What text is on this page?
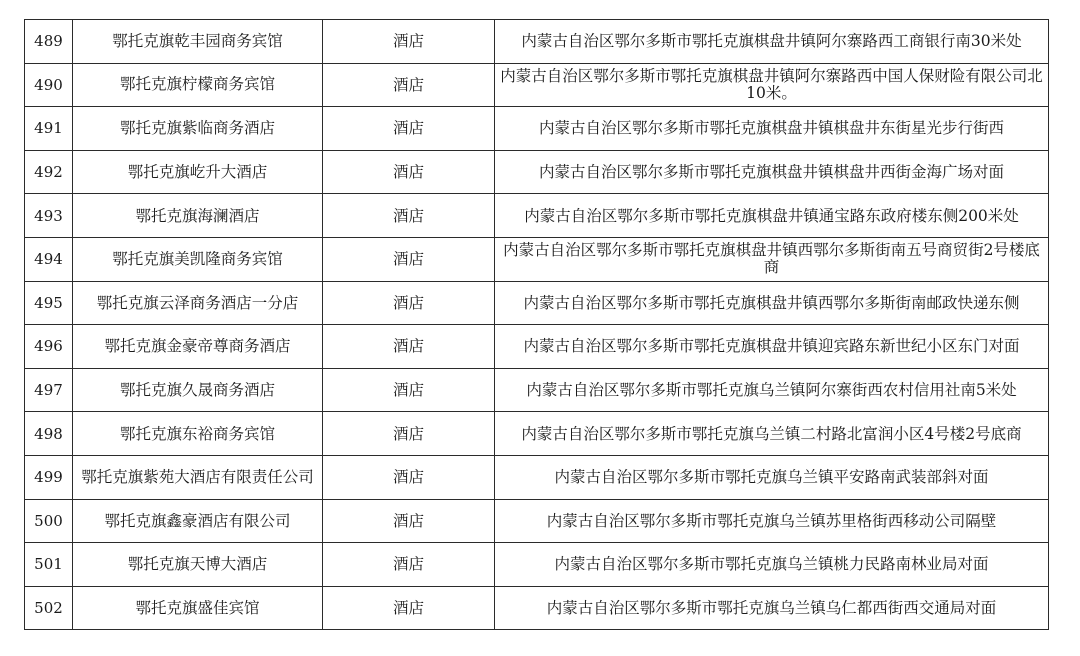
489	鄂托克旗乾丰园商务宾馆	酒店	内蒙古自治区鄂尔多斯市鄂托克旗棋盘井镇阿尔寨路西工商银行南30米处
490	鄂托克旗柠檬商务宾馆	酒店	内蒙古自治区鄂尔多斯市鄂托克旗棋盘井镇阿尔寨路西中国人保财险有限公司北10米。
491	鄂托克旗紫临商务酒店	酒店	内蒙古自治区鄂尔多斯市鄂托克旗棋盘井镇棋盘井东街星光步行街西
492	鄂托克旗屹升大酒店	酒店	内蒙古自治区鄂尔多斯市鄂托克旗棋盘井镇棋盘井西街金海广场对面
493	鄂托克旗海澜酒店	酒店	内蒙古自治区鄂尔多斯市鄂托克旗棋盘井镇通宝路东政府楼东侧200米处
494	鄂托克旗美凯隆商务宾馆	酒店	内蒙古自治区鄂尔多斯市鄂托克旗棋盘井镇西鄂尔多斯街南五号商贸街2号楼底商
495	鄂托克旗云泽商务酒店一分店	酒店	内蒙古自治区鄂尔多斯市鄂托克旗棋盘井镇西鄂尔多斯街南邮政快递东侧
496	鄂托克旗金豪帝尊商务酒店	酒店	内蒙古自治区鄂尔多斯市鄂托克旗棋盘井镇迎宾路东新世纪小区东门对面
497	鄂托克旗久晟商务酒店	酒店	内蒙古自治区鄂尔多斯市鄂托克旗乌兰镇阿尔寨街西农村信用社南5米处
498	鄂托克旗东裕商务宾馆	酒店	内蒙古自治区鄂尔多斯市鄂托克旗乌兰镇二村路北富润小区4号楼2号底商
499	鄂托克旗紫苑大酒店有限责任公司	酒店	内蒙古自治区鄂尔多斯市鄂托克旗乌兰镇平安路南武装部斜对面
500	鄂托克旗鑫豪酒店有限公司	酒店	内蒙古自治区鄂尔多斯市鄂托克旗乌兰镇苏里格街西移动公司隔壁
501	鄂托克旗天博大酒店	酒店	内蒙古自治区鄂尔多斯市鄂托克旗乌兰镇桃力民路南林业局对面
502	鄂托克旗盛佳宾馆	酒店	内蒙古自治区鄂尔多斯市鄂托克旗乌兰镇乌仁都西街西交通局对面
